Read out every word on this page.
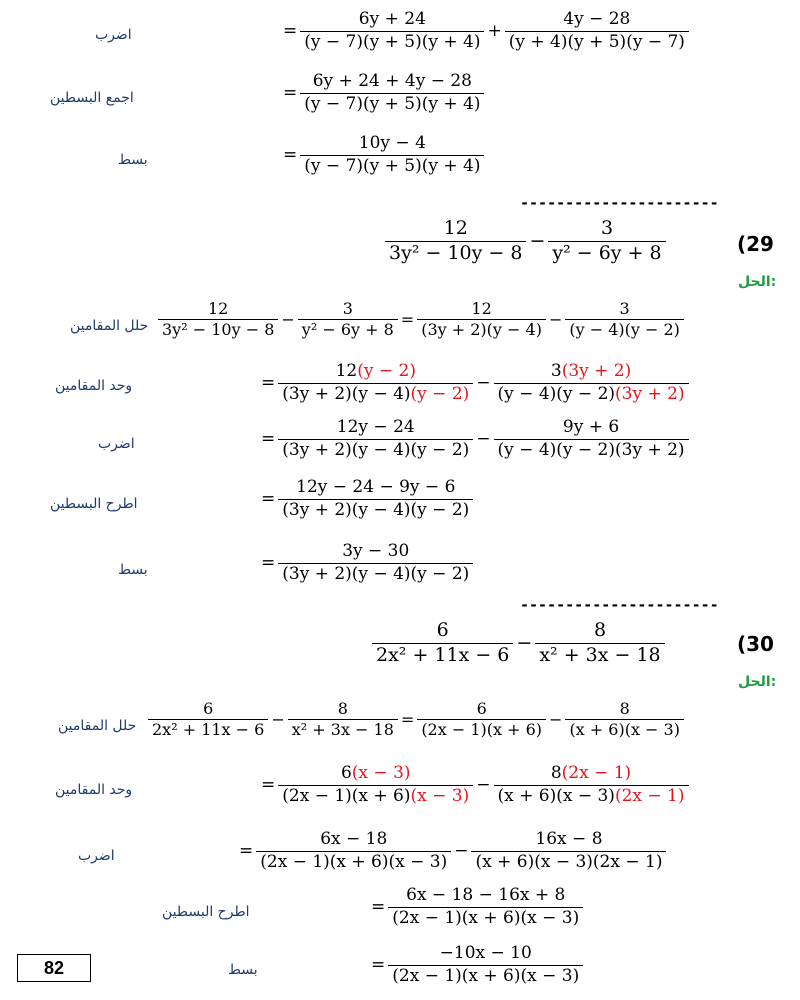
اضرب	= $\frac{6y + 24}{(y - 7)(y + 5)(y + 4)} + \frac{4y - 28}{(y + 4)(y + 5)(y - 7)}$
اجمع البسطين	= $\frac{6y + 24 + 4y - 28}{(y - 7)(y + 5)(y + 4)}$
بسط	= $\frac{10y - 4}{(y - 7)(y + 5)(y + 4)}$
----------------------
$\frac{12}{\text{3y² − 10y − 8}} - \frac{3}{\text{y² − 6y + 8}}$	(29
الحل:
حلل المقامين $\frac{12}{\text{3y² − 10y − 8}} - \frac{3}{\text{y² − 6y + 8}} = \frac{12}{(3y + 2)(y - 4)} - \frac{3}{(y - 4)(y - 2)}$
وحد المقامين	= $\frac{12(y - 2)}{(3y + 2)(y - 4)(y - 2)} - \frac{3(3y + 2)}{(y - 4)(y - 2)(3y + 2)}$
اضرب	= $\frac{12y - 24}{(3y + 2)(y - 4)(y - 2)} - \frac{9y + 6}{(y - 4)(y - 2)(3y + 2)}$
اطرح البسطين	= $\frac{12y - 24 - 9y - 6}{(3y + 2)(y - 4)(y - 2)}$
بسط	= $\frac{3y - 30}{(3y + 2)(y - 4)(y - 2)}$
----------------------
$\frac{6}{\text{2x² + 11x − 6}} - \frac{8}{\text{x² + 3x − 18}}$	(30
الحل:
حلل المقامين $\frac{6}{\text{2x² + 11x − 6}} - \frac{8}{\text{x² + 3x − 18}} = \frac{6}{(2x - 1)(x + 6)} - \frac{8}{(x + 6)(x - 3)}$
وحد المقامين	= $\frac{6(x - 3)}{(2x - 1)(x + 6)(x - 3)} - \frac{8(2x - 1)}{(x + 6)(x - 3)(2x - 1)}$
اضرب	= $\frac{6x - 18}{(2x - 1)(x + 6)(x - 3)} - \frac{16x - 8}{(x + 6)(x - 3)(2x - 1)}$
اطرح البسطين	= $\frac{6x - 18 - 16x + 8}{(2x - 1)(x + 6)(x - 3)}$
بسط	= $\frac{-10x - 10}{(2x - 1)(x + 6)(x - 3)}$
82
